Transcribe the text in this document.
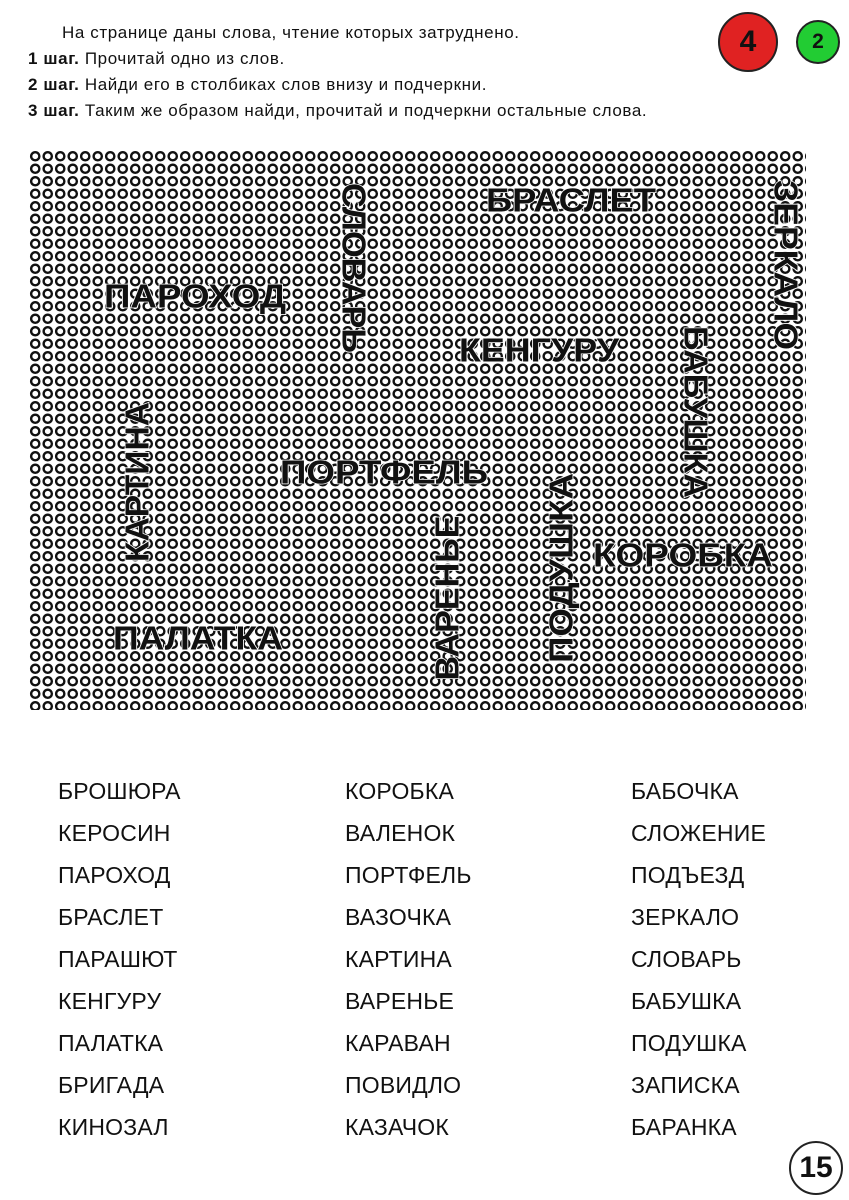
На странице даны слова, чтение которых затруднено.
1 шаг. Прочитай одно из слов.
2 шаг. Найди его в столбиках слов внизу и подчеркни.
3 шаг. Таким же образом найди, прочитай и подчеркни остальные слова.
4	2
БРАСЛЕТ
СЛОВАРЬ	ЗЕРКАЛО
ПАРОХОД
КЕНГУРУ БАБУШКА
КАРТИНА	ПОРТФЕЛЬ
ВАРЕНЬЕ ПОДУШКА КОРОБКА
ПАЛАТКА
БРОШЮРА
КЕРОСИН
ПАРОХОД
БРАСЛЕТ
ПАРАШЮТ
КЕНГУРУ
ПАЛАТКА
БРИГАДА
КИНОЗАЛ
КОРОБКА
ВАЛЕНОК
ПОРТФЕЛЬ
ВАЗОЧКА
КАРТИНА
ВАРЕНЬЕ
КАРАВАН
ПОВИДЛО
КАЗАЧОК
БАБОЧКА
СЛОЖЕНИЕ
ПОДЪЕЗД
ЗЕРКАЛО
СЛОВАРЬ
БАБУШКА
ПОДУШКА
ЗАПИСКА
БАРАНКА
15
